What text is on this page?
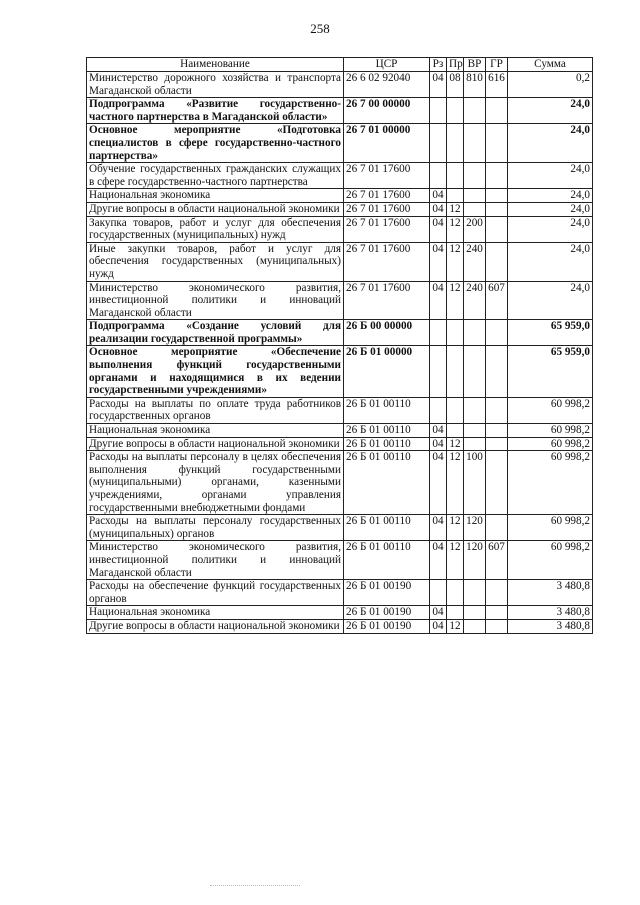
258
Наименование	ЦСР	Рз	Пр	ВР	ГР	Сумма
Министерство дорожного хозяйства и транспорта Магаданской области	26 6 02 92040	04	08	810	616	0,2
Подпрограмма «Развитие государственно-частного партнерства в Магаданской области»	26 7 00 00000					24,0
Основное мероприятие «Подготовка специалистов в сфере государственно-частного партнерства»	26 7 01 00000					24,0
Обучение государственных гражданских служащих в сфере государственно-частного партнерства	26 7 01 17600					24,0
Национальная экономика	26 7 01 17600	04				24,0
Другие вопросы в области национальной экономики	26 7 01 17600	04	12			24,0
Закупка товаров, работ и услуг для обеспечения государственных (муниципальных) нужд	26 7 01 17600	04	12	200		24,0
Иные закупки товаров, работ и услуг для обеспечения государственных (муниципальных) нужд	26 7 01 17600	04	12	240		24,0
Министерство экономического развития, инвестиционной политики и инноваций Магаданской области	26 7 01 17600	04	12	240	607	24,0
Подпрограмма «Создание условий для реализации государственной программы»	26 Б 00 00000					65 959,0
Основное мероприятие «Обеспечение выполнения функций государственными органами и находящимися в их ведении государственными учреждениями»	26 Б 01 00000					65 959,0
Расходы на выплаты по оплате труда работников государственных органов	26 Б 01 00110					60 998,2
Национальная экономика	26 Б 01 00110	04				60 998,2
Другие вопросы в области национальной экономики	26 Б 01 00110	04	12			60 998,2
Расходы на выплаты персоналу в целях обеспечения выполнения функций государственными (муниципальными) органами, казенными учреждениями, органами управления государственными внебюджетными фондами	26 Б 01 00110	04	12	100		60 998,2
Расходы на выплаты персоналу государственных (муниципальных) органов	26 Б 01 00110	04	12	120		60 998,2
Министерство экономического развития, инвестиционной политики и инноваций Магаданской области	26 Б 01 00110	04	12	120	607	60 998,2
Расходы на обеспечение функций государственных органов	26 Б 01 00190					3 480,8
Национальная экономика	26 Б 01 00190	04				3 480,8
Другие вопросы в области национальной экономики	26 Б 01 00190	04	12			3 480,8
